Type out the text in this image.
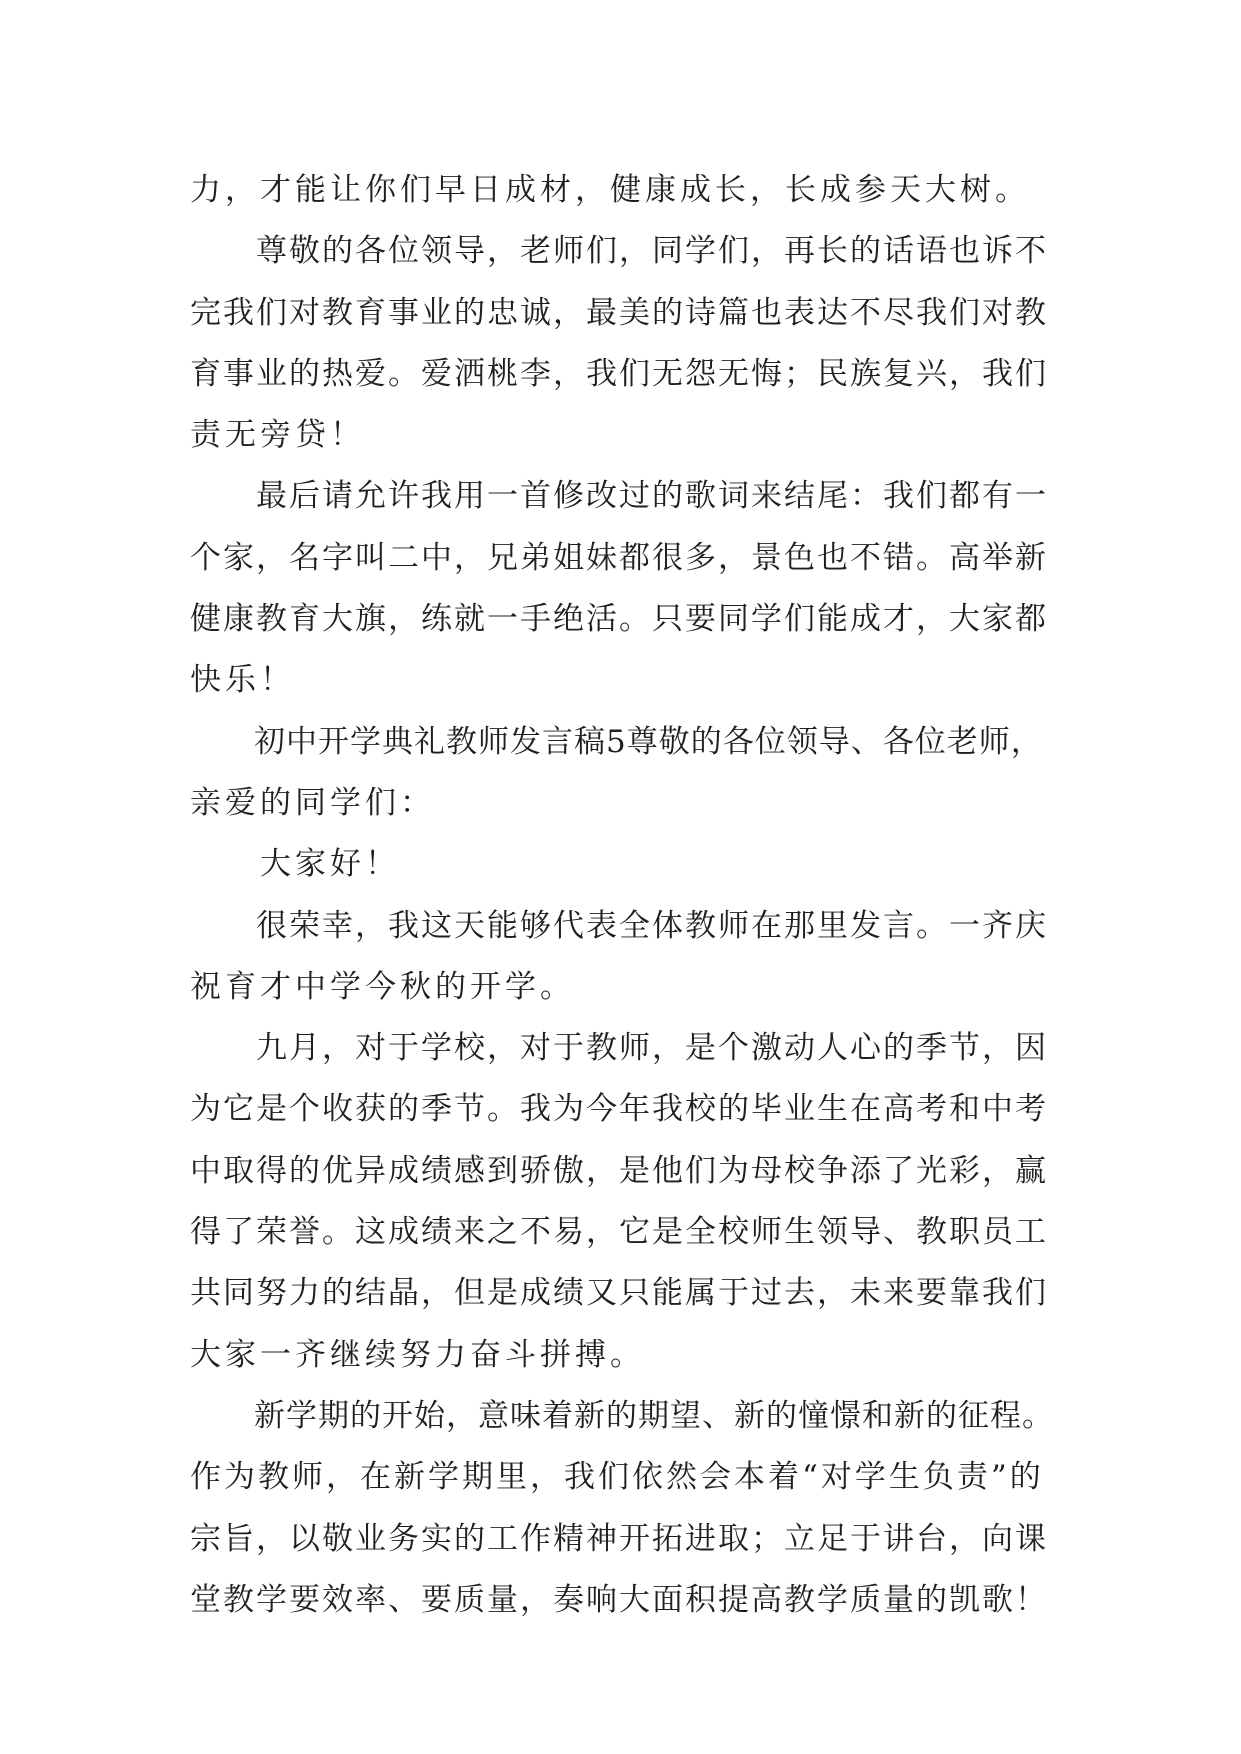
力，才能让你们早日成材，健康成长，长成参天大树。

　　尊敬的各位领导，老师们，同学们，再长的话语也诉不
完我们对教育事业的忠诚，最美的诗篇也表达不尽我们对教
育事业的热爱。爱洒桃李，我们无怨无悔；民族复兴，我们
责无旁贷！

　　最后请允许我用一首修改过的歌词来结尾：我们都有一
个家，名字叫二中，兄弟姐妹都很多，景色也不错。高举新
健康教育大旗，练就一手绝活。只要同学们能成才，大家都
快乐！

　　初中开学典礼教师发言稿5尊敬的各位领导、各位老师，
亲爱的同学们：

　　大家好！

　　很荣幸，我这天能够代表全体教师在那里发言。一齐庆
祝育才中学今秋的开学。

　　九月，对于学校，对于教师，是个激动人心的季节，因
为它是个收获的季节。我为今年我校的毕业生在高考和中考
中取得的优异成绩感到骄傲，是他们为母校争添了光彩，赢
得了荣誉。这成绩来之不易，它是全校师生领导、教职员工
共同努力的结晶，但是成绩又只能属于过去，未来要靠我们
大家一齐继续努力奋斗拼搏。

　　新学期的开始，意味着新的期望、新的憧憬和新的征程。
作为教师，在新学期里，我们依然会本着“对学生负责”的
宗旨，以敬业务实的工作精神开拓进取；立足于讲台，向课
堂教学要效率、要质量，奏响大面积提高教学质量的凯歌！
